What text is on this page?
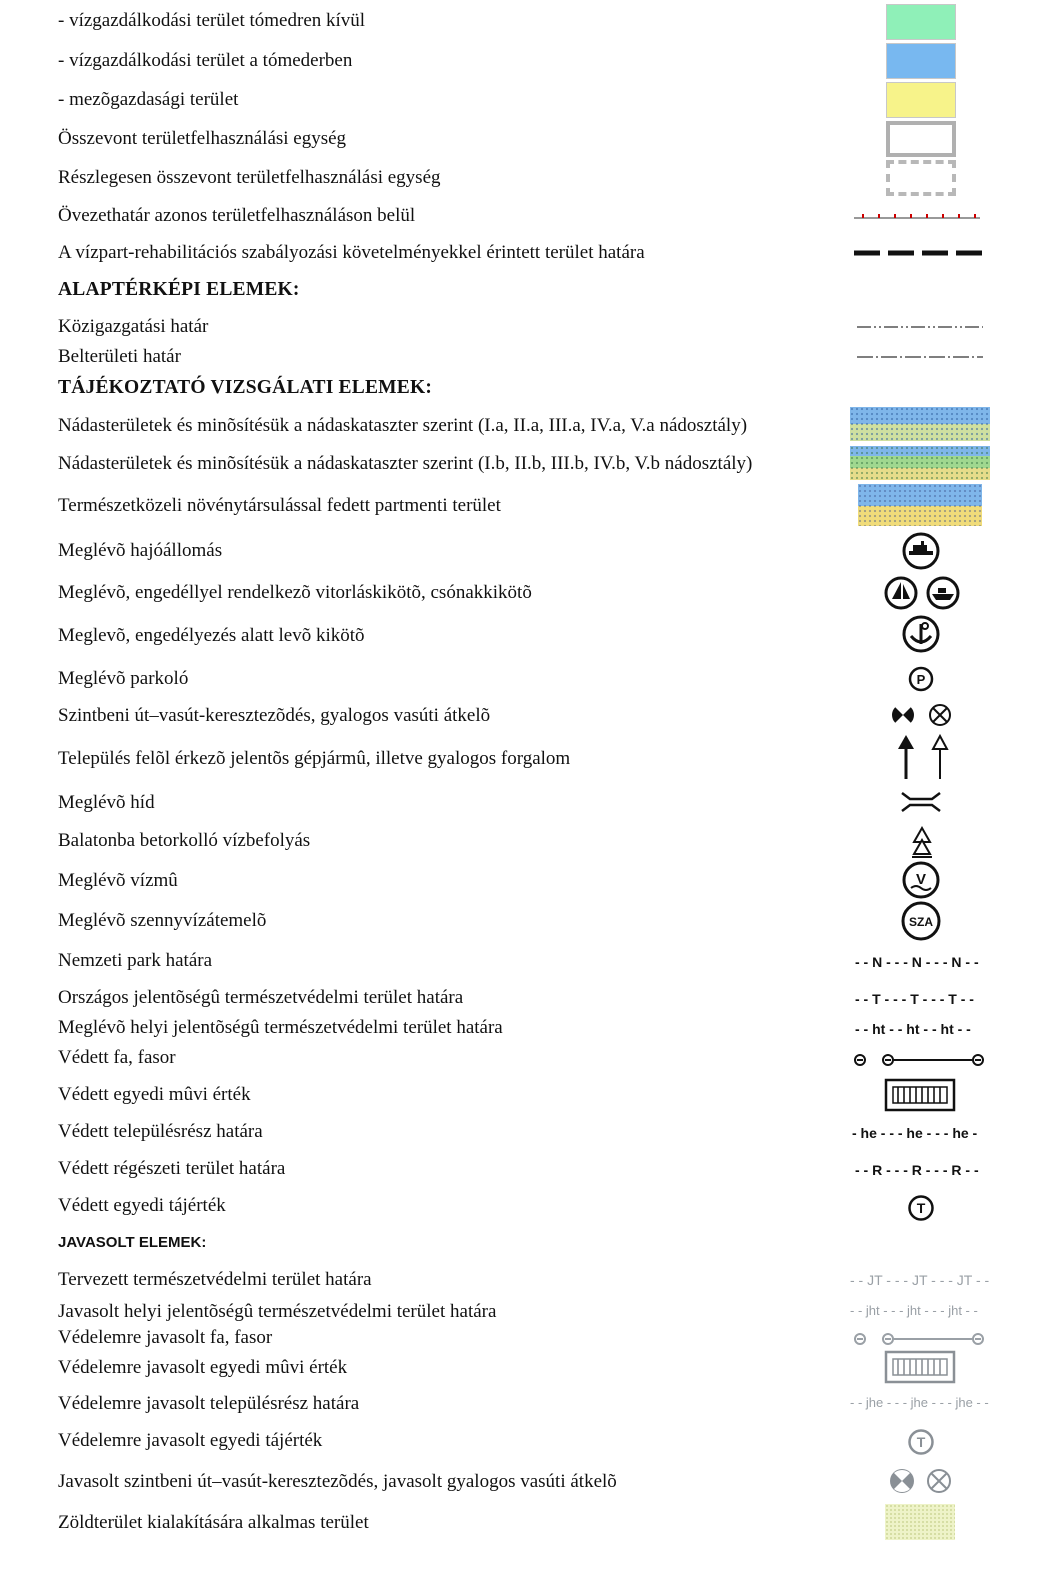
- vízgazdálkodási terület tómedren kívül
- vízgazdálkodási terület a tómederben
- mezõgazdasági terület
Összevont területfelhasználási egység
Részlegesen összevont területfelhasználási egység
Övezethatár azonos területfelhasználáson belül
A vízpart-rehabilitációs szabályozási követelményekkel érintett terület határa
ALAPTÉRKÉPI ELEMEK:
Közigazgatási határ
Belterületi határ
TÁJÉKOZTATÓ VIZSGÁLATI ELEMEK:
Nádasterületek és minõsítésük a nádaskataszter szerint (I.a, II.a, III.a, IV.a, V.a nádosztály)
Nádasterületek és minõsítésük a nádaskataszter szerint (I.b, II.b, III.b, IV.b, V.b nádosztály)
Természetközeli növénytársulással fedett partmenti terület
Meglévõ hajóállomás
Meglévõ, engedéllyel rendelkezõ vitorláskikötõ, csónakkikötõ
Meglevõ, engedélyezés alatt levõ kikötõ
Meglévõ parkoló	P
Szintbeni út–vasút-keresztezõdés, gyalogos vasúti átkelõ
Település felõl érkezõ jelentõs gépjármû, illetve gyalogos forgalom
Meglévõ híd
Balatonba betorkolló vízbefolyás
Meglévõ vízmû	V
Meglévõ szennyvízátemelõ	SZA
Nemzeti park határa	- - N - - - N - - - N - -
Országos jelentõségû természetvédelmi terület határa	- - T - - - T - - - T - -
Meglévõ helyi jelentõségû természetvédelmi terület határa	- - ht - - ht - - ht - -
Védett fa, fasor
Védett egyedi mûvi érték
Védett településrész határa	- he - - - he - - - he -
Védett régészeti terület határa	- - R - - - R - - - R - -
Védett egyedi tájérték	T
JAVASOLT ELEMEK:
Tervezett természetvédelmi terület határa	- - JT - - - JT - - - JT - -
Javasolt helyi jelentõségû természetvédelmi terület határa	- - jht - - - jht - - - jht - -
Védelemre javasolt fa, fasor
Védelemre javasolt egyedi mûvi érték
Védelemre javasolt településrész határa	- - jhe - - - jhe - - - jhe - -
Védelemre javasolt egyedi tájérték	T
Javasolt szintbeni út–vasút-keresztezõdés, javasolt gyalogos vasúti átkelõ
Zöldterület kialakítására alkalmas terület
